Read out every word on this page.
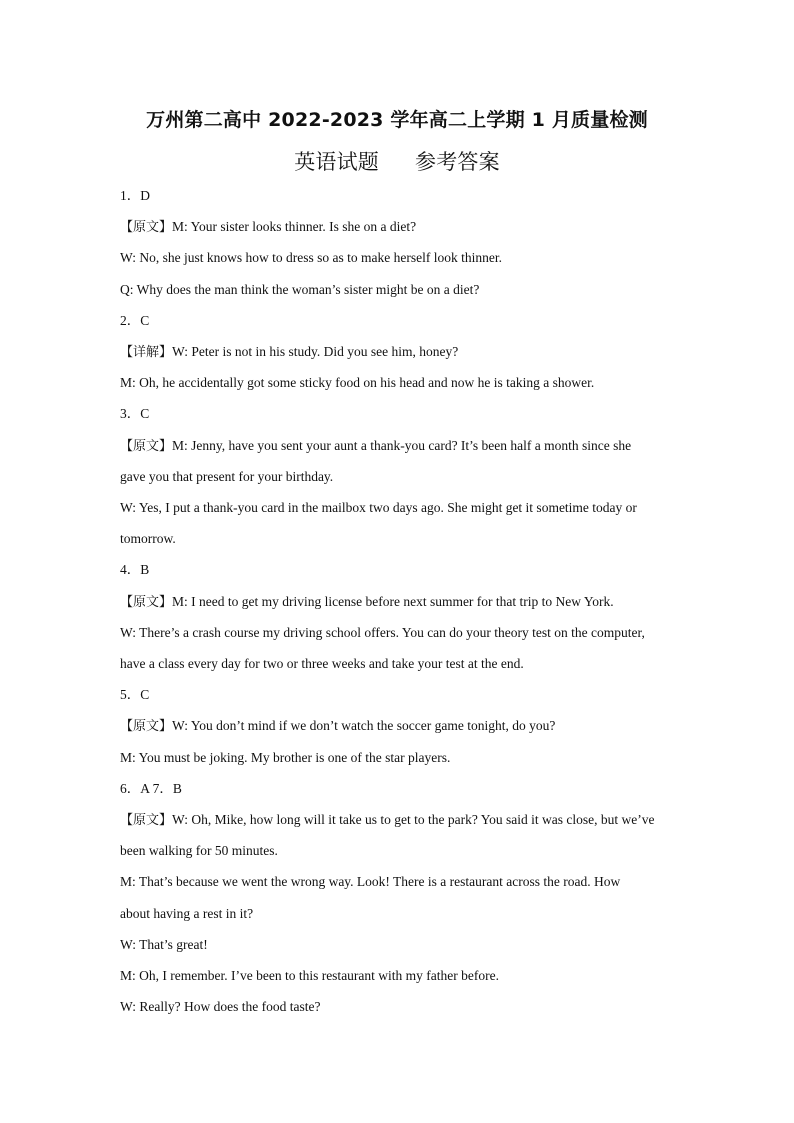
万州第二高中 2022-2023 学年高二上学期 1 月质量检测
英语试题 参考答案
1．D
【原文】M: Your sister looks thinner. Is she on a diet?
W: No, she just knows how to dress so as to make herself look thinner.
Q: Why does the man think the woman’s sister might be on a diet?
2．C
【详解】W: Peter is not in his study. Did you see him, honey?
M: Oh, he accidentally got some sticky food on his head and now he is taking a shower.
3．C
【原文】M: Jenny, have you sent your aunt a thank-you card? It’s been half a month since she
gave you that present for your birthday.
W: Yes, I put a thank-you card in the mailbox two days ago. She might get it sometime today or
tomorrow.
4．B
【原文】M: I need to get my driving license before next summer for that trip to New York.
W: There’s a crash course my driving school offers. You can do your theory test on the computer,
have a class every day for two or three weeks and take your test at the end.
5．C
【原文】W: You don’t mind if we don’t watch the soccer game tonight, do you?
M: You must be joking. My brother is one of the star players.
6．A 7．B
【原文】W: Oh, Mike, how long will it take us to get to the park? You said it was close, but we’ve
been walking for 50 minutes.
M: That’s because we went the wrong way. Look! There is a restaurant across the road. How
about having a rest in it?
W: That’s great!
M: Oh, I remember. I’ve been to this restaurant with my father before.
W: Really? How does the food taste?
